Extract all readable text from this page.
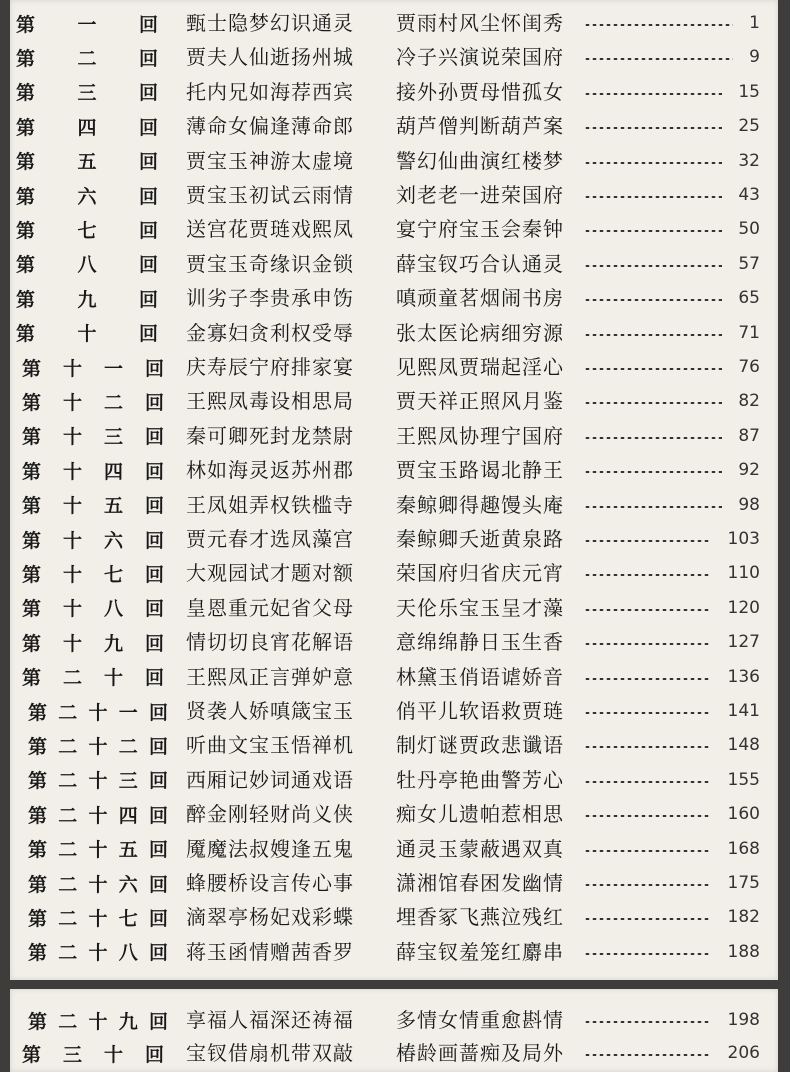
第 一 回 甄士隐梦幻识通灵 贾雨村风尘怀闺秀	1
第 二 回 贾夫人仙逝扬州城 冷子兴演说荣国府	9
第 三 回 托内兄如海荐西宾 接外孙贾母惜孤女	15
第 四 回 薄命女偏逢薄命郎 葫芦僧判断葫芦案	25
第 五 回 贾宝玉神游太虚境 警幻仙曲演红楼梦	32
第 六 回 贾宝玉初试云雨情 刘老老一进荣国府	43
第 七 回 送宫花贾琏戏熙凤 宴宁府宝玉会秦钟	50
第 八 回 贾宝玉奇缘识金锁 薛宝钗巧合认通灵	57
第 九 回 训劣子李贵承申饬 嗔顽童茗烟闹书房	65
第 十 回 金寡妇贪利权受辱 张太医论病细穷源	71
第 十 一 回 庆寿辰宁府排家宴 见熙凤贾瑞起淫心	76
第 十 二 回 王熙凤毒设相思局 贾天祥正照风月鉴	82
第 十 三 回 秦可卿死封龙禁尉 王熙凤协理宁国府	87
第 十 四 回 林如海灵返苏州郡 贾宝玉路谒北静王	92
第 十 五 回 王凤姐弄权铁槛寺 秦鲸卿得趣馒头庵	98
第 十 六 回 贾元春才选凤藻宫 秦鲸卿夭逝黄泉路	103
第 十 七 回 大观园试才题对额 荣国府归省庆元宵	110
第 十 八 回 皇恩重元妃省父母 天伦乐宝玉呈才藻	120
第 十 九 回 情切切良宵花解语 意绵绵静日玉生香	127
第 二 十 回 王熙凤正言弹妒意 林黛玉俏语谑娇音	136
第 二 十 一 回 贤袭人娇嗔箴宝玉 俏平儿软语救贾琏	141
第 二 十 二 回 听曲文宝玉悟禅机 制灯谜贾政悲谶语	148
第 二 十 三 回 西厢记妙词通戏语 牡丹亭艳曲警芳心	155
第 二 十 四 回 醉金刚轻财尚义侠 痴女儿遗帕惹相思	160
第 二 十 五 回 魇魔法叔嫂逢五鬼 通灵玉蒙蔽遇双真	168
第 二 十 六 回 蜂腰桥设言传心事 潇湘馆春困发幽情	175
第 二 十 七 回 滴翠亭杨妃戏彩蝶 埋香冢飞燕泣残红	182
第 二 十 八 回 蒋玉函情赠茜香罗 薛宝钗羞笼红麝串	188
第 二 十 九 回 享福人福深还祷福 多情女情重愈斟情	198
第 三 十 回 宝钗借扇机带双敲 椿龄画蔷痴及局外	206
